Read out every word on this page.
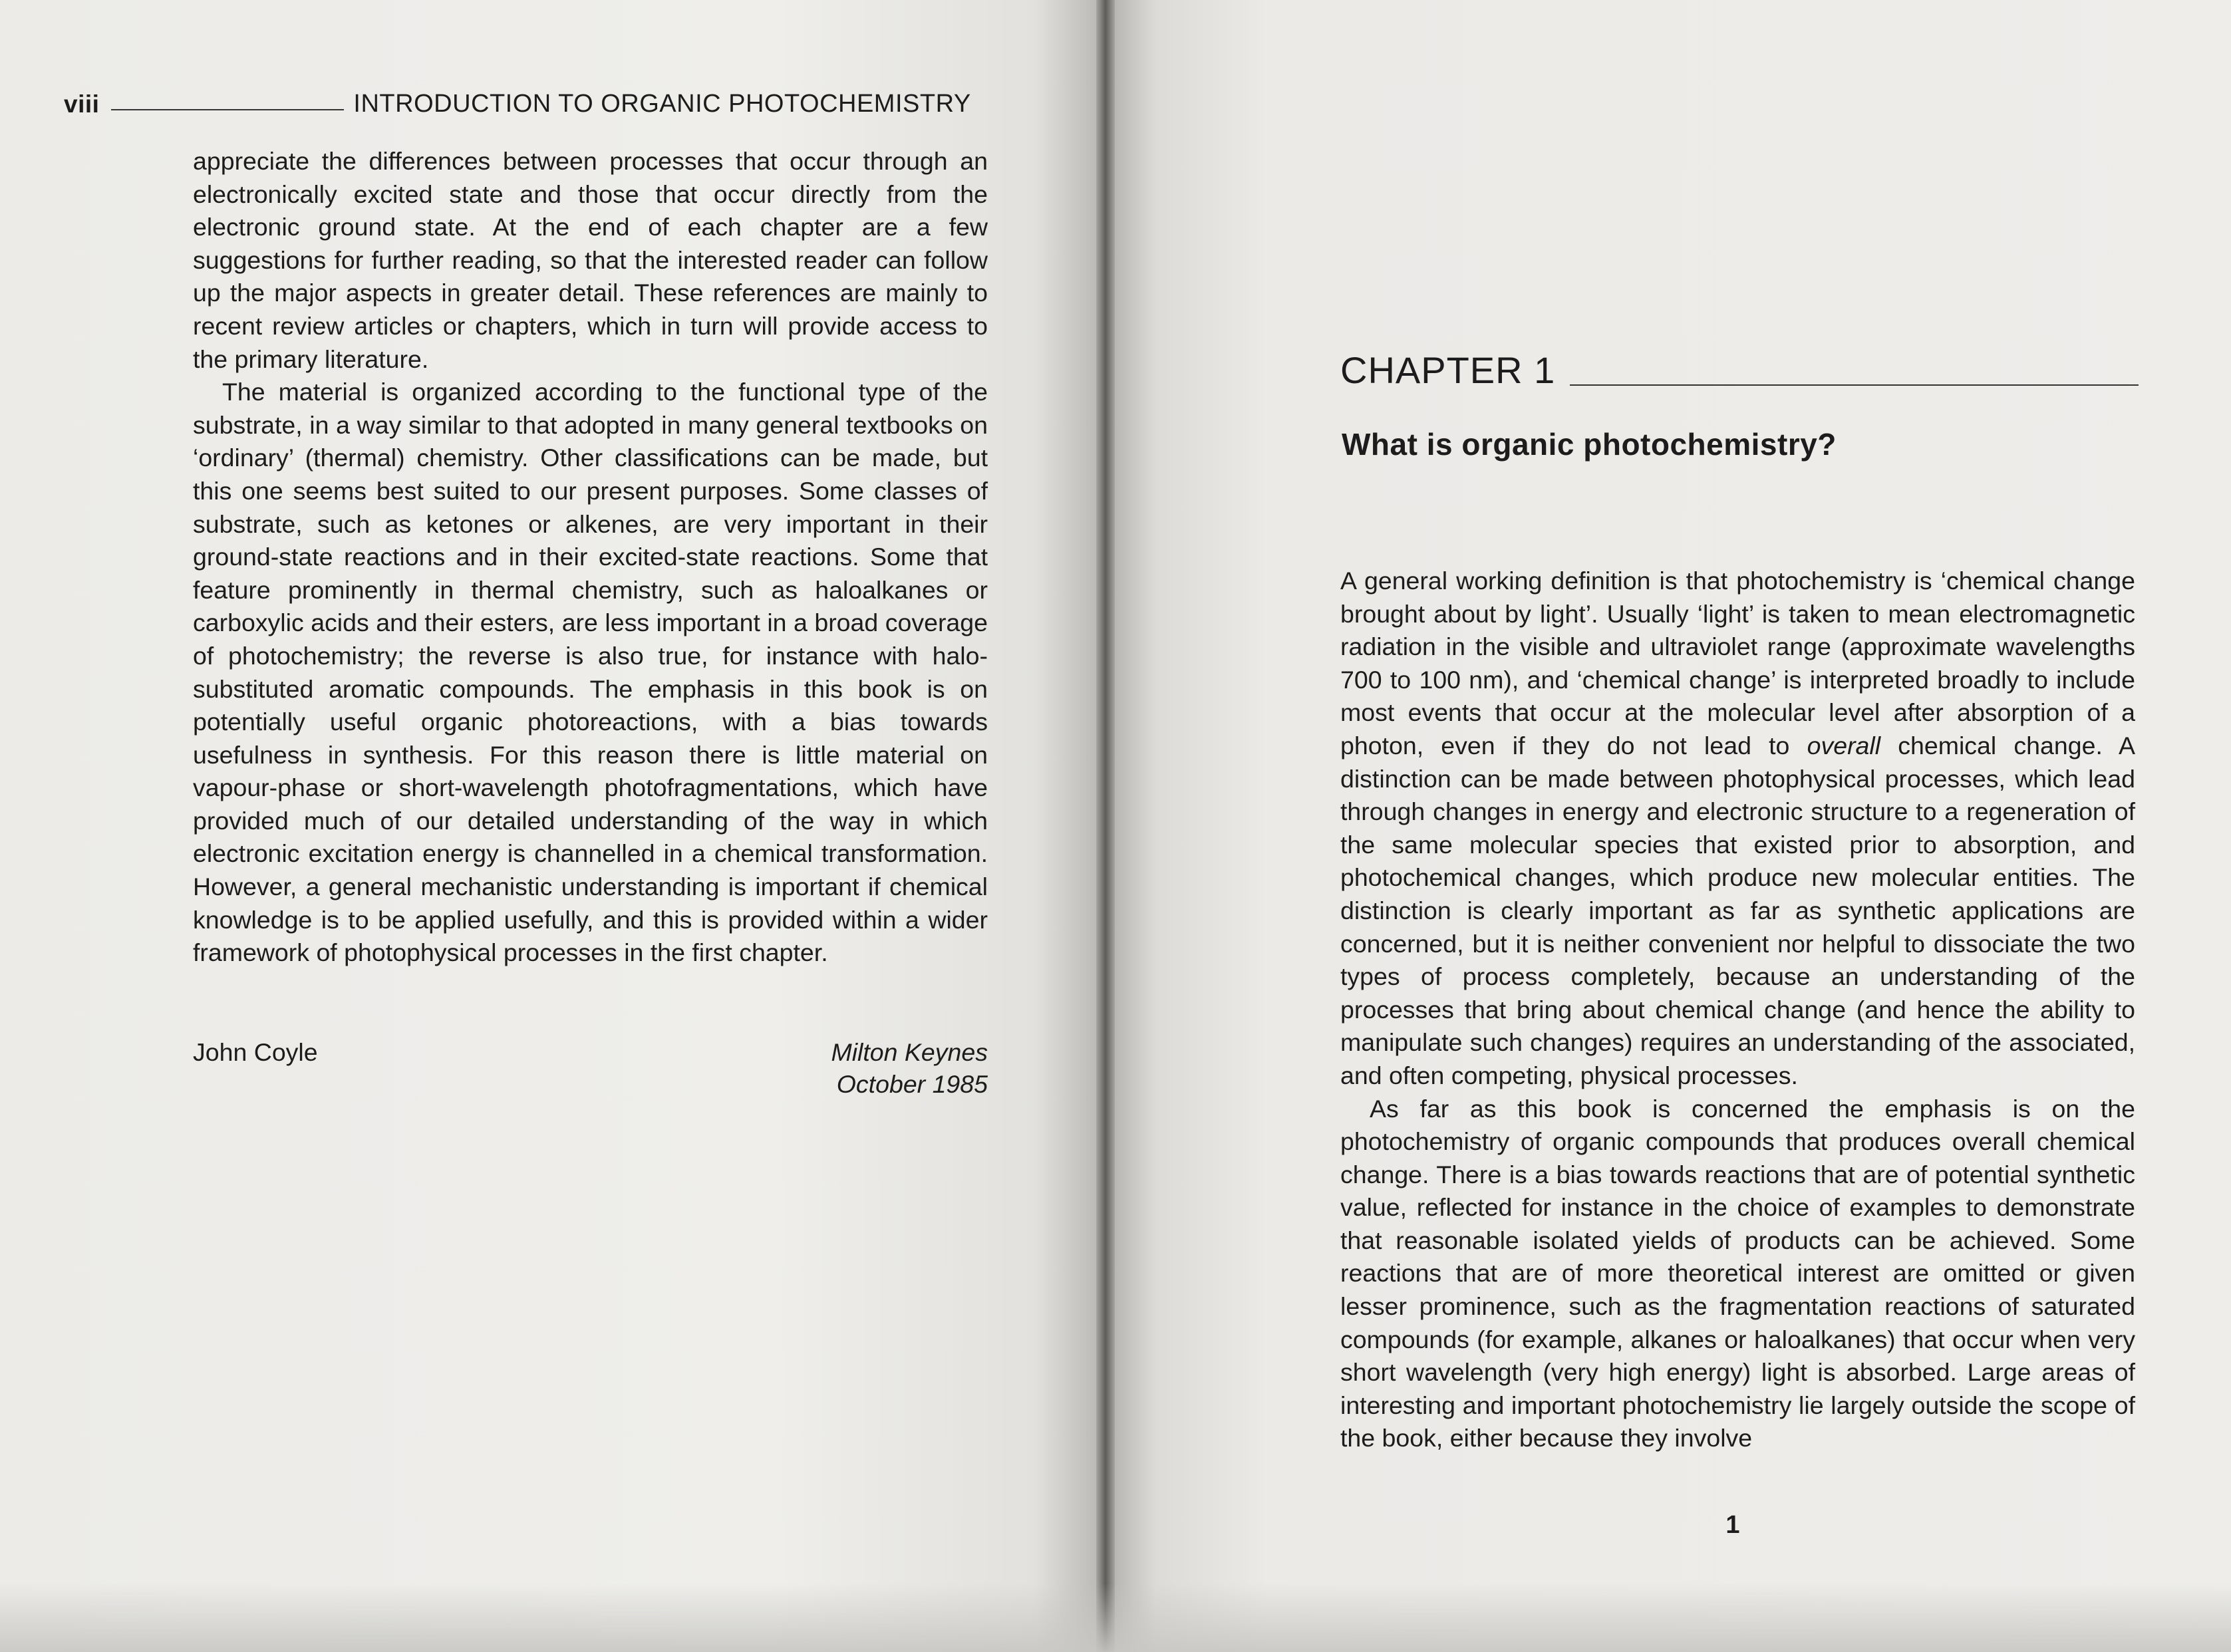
viii	INTRODUCTION TO ORGANIC PHOTOCHEMISTRY

appreciate the differences between processes that occur through an electronically excited state and those that occur directly from the electronic ground state. At the end of each chapter are a few suggestions for further reading, so that the interested reader can follow up the major aspects in greater detail. These references are mainly to recent review articles or chapters, which in turn will provide access to the primary literature.

The material is organized according to the functional type of the substrate, in a way similar to that adopted in many general textbooks on ‘ordinary’ (thermal) chemistry. Other classifications can be made, but this one seems best suited to our present purposes. Some classes of substrate, such as ketones or alkenes, are very important in their ground-state reactions and in their excited-state reactions. Some that feature prominently in thermal chemistry, such as haloalkanes or carboxylic acids and their esters, are less important in a broad coverage of photochemistry; the reverse is also true, for instance with halo-substituted aromatic compounds. The emphasis in this book is on potentially useful organic photoreactions, with a bias towards usefulness in synthesis. For this reason there is little material on vapour-phase or short-wavelength photofragmentations, which have provided much of our detailed understanding of the way in which electronic excitation energy is channelled in a chemical transformation. However, a general mechanistic understanding is important if chemical knowledge is to be applied usefully, and this is provided within a wider framework of photophysical processes in the first chapter.

John Coyle	Milton Keynes
October 1985
CHAPTER 1
What is organic photochemistry?

A general working definition is that photochemistry is ‘chemical change brought about by light’. Usually ‘light’ is taken to mean electromagnetic radiation in the visible and ultraviolet range (approximate wavelengths 700 to 100 nm), and ‘chemical change’ is interpreted broadly to include most events that occur at the molecular level after absorption of a photon, even if they do not lead to overall chemical change. A distinction can be made between photophysical processes, which lead through changes in energy and electronic structure to a regeneration of the same molecular species that existed prior to absorption, and photochemical changes, which produce new molecular entities. The distinction is clearly important as far as synthetic applications are concerned, but it is neither convenient nor helpful to dissociate the two types of process completely, because an understanding of the processes that bring about chemical change (and hence the ability to manipulate such changes) requires an understanding of the associated, and often competing, physical processes.

As far as this book is concerned the emphasis is on the photochemistry of organic compounds that produces overall chemical change. There is a bias towards reactions that are of potential synthetic value, reflected for instance in the choice of examples to demonstrate that reasonable isolated yields of products can be achieved. Some reactions that are of more theoretical interest are omitted or given lesser prominence, such as the fragmentation reactions of saturated compounds (for example, alkanes or haloalkanes) that occur when very short wavelength (very high energy) light is absorbed. Large areas of interesting and important photochemistry lie largely outside the scope of the book, either because they involve

1
